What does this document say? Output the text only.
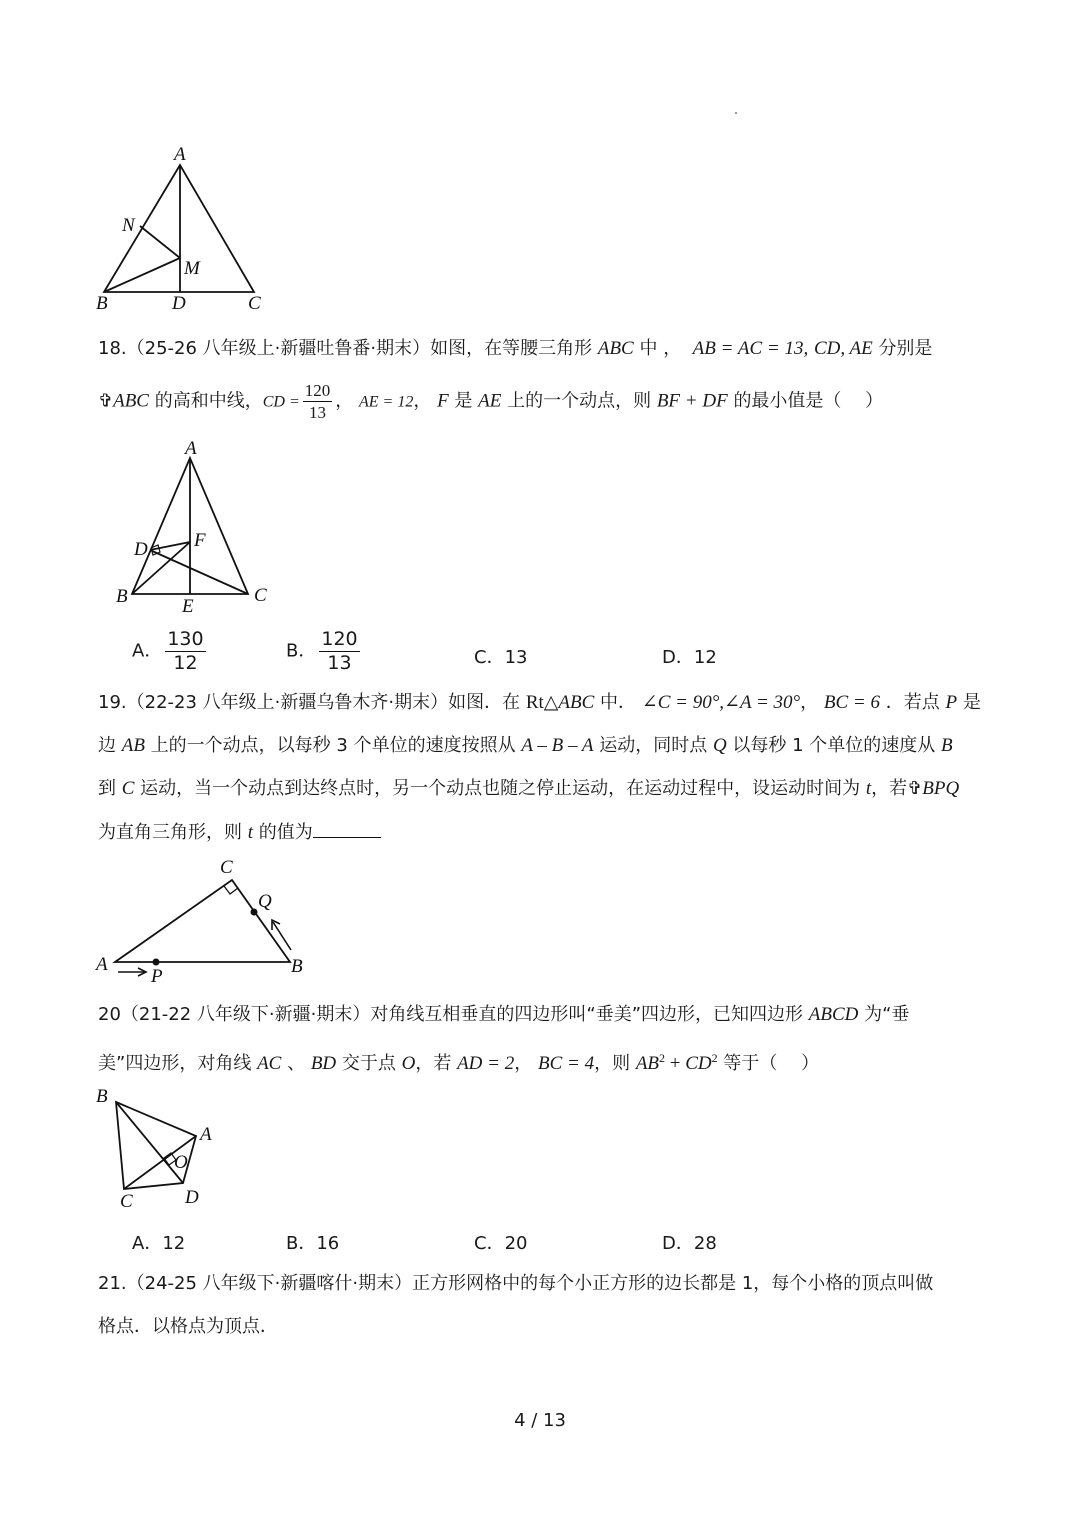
A
N
M
B	D	C
18.（25-26 八年级上·新疆吐鲁番·期末）如图，在等腰三角形 ABC 中 ， AB = AC = 13, CD, AE 分别是
✞ABC 的高和中线，CD = $\frac{120}{13}$ ， AE = 12， F 是 AE 上的一个动点，则 BF + DF 的最小值是（　 ）
A
D F
B	E
C
A． $\frac{130}{12}$	B． $\frac{120}{13}$	C．13	D．12
19.（22-23 八年级上·新疆乌鲁木齐·期末）如图．在 Rt△ABC 中． ∠C = 90°,∠A = 30°， BC = 6 ．若点 P 是
边 AB 上的一个动点，以每秒 3 个单位的速度按照从 A – B – A 运动，同时点 Q 以每秒 1 个单位的速度从 B
到 C 运动，当一个动点到达终点时，另一个动点也随之停止运动，在运动过程中，设运动时间为 t，若✞BPQ
为直角三角形，则 t 的值为
C
Q
A
P	B
20（21-22 八年级下·新疆·期末）对角线互相垂直的四边形叫“垂美”四边形，已知四边形 ABCD 为“垂
美”四边形，对角线 AC 、 BD 交于点 O，若 AD = 2， BC = 4，则 $AB^2 + CD^2$ 等于（　 ）
B
A
O
C	D
A．12	B．16	C．20	D．28
21.（24-25 八年级下·新疆喀什·期末）正方形网格中的每个小正方形的边长都是 1，每个小格的顶点叫做
格点．以格点为顶点．
4 / 13
